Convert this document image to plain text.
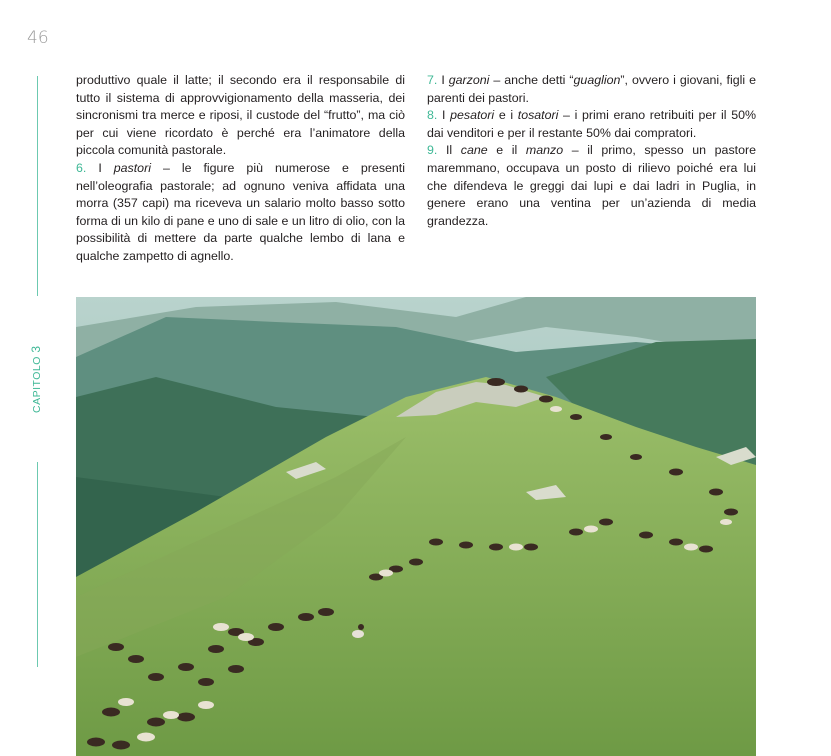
46
CAPITOLO 3

produttivo quale il latte; il secondo era il responsabile di tutto il sistema di approvvigionamento della masseria, dei sincronismi tra merce e riposi, il custode del “frutto”, ma ciò per cui viene ricordato è perché era l’animatore della piccola comunità pastorale.

6. I pastori – le figure più numerose e presenti nell’oleografia pastorale; ad ognuno veniva affidata una morra (357 capi) ma riceveva un salario molto basso sotto forma di un kilo di pane e uno di sale e un litro di olio, con la possibilità di mettere da parte qualche lembo di lana e qualche zampetto di agnello.

7. I garzoni – anche detti “guaglion”, ovvero i giovani, figli e parenti dei pastori.

8. I pesatori e i tosatori – i primi erano retribuiti per il 50% dai venditori e per il restante 50% dai compratori.

9. Il cane e il manzo – il primo, spesso un pastore maremmano, occupava un posto di rilievo poiché era lui che difendeva le greggi dai lupi e dai ladri in Puglia, in genere erano una ventina per un’azienda di media grandezza.
